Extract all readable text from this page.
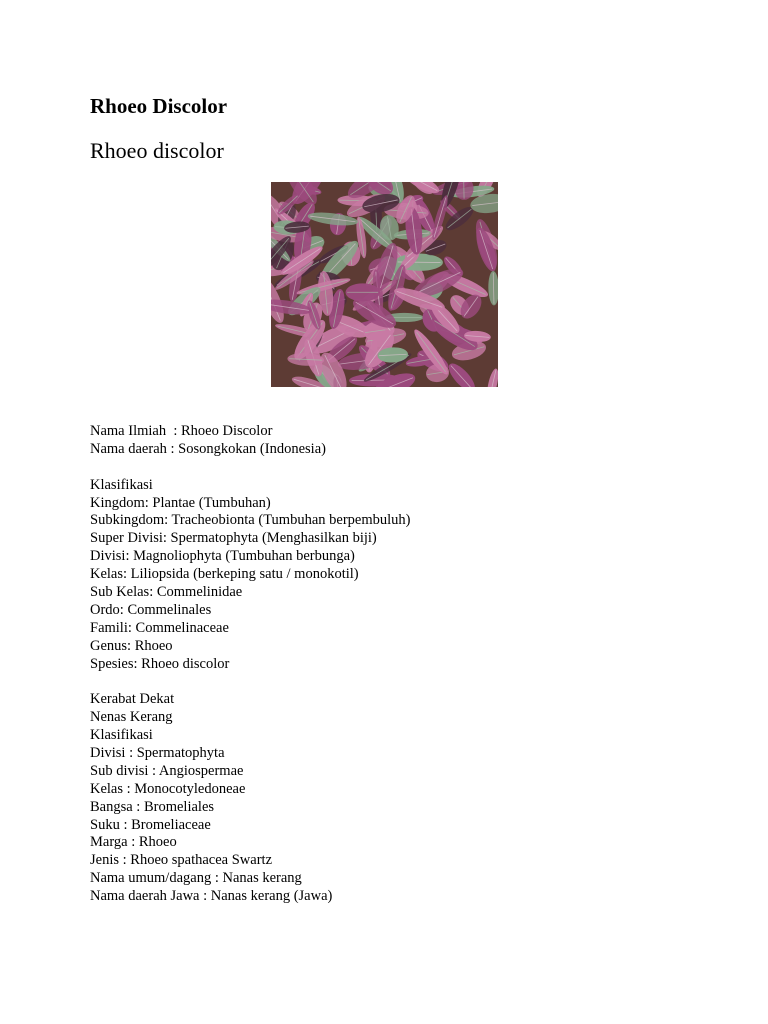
Rhoeo Discolor
Rhoeo discolor
Nama Ilmiah  : Rhoeo Discolor
Nama daerah : Sosongkokan (Indonesia)
Klasifikasi
Kingdom: Plantae (Tumbuhan)
Subkingdom: Tracheobionta (Tumbuhan berpembuluh)
Super Divisi: Spermatophyta (Menghasilkan biji)
Divisi: Magnoliophyta (Tumbuhan berbunga)
Kelas: Liliopsida (berkeping satu / monokotil)
Sub Kelas: Commelinidae
Ordo: Commelinales
Famili: Commelinaceae
Genus: Rhoeo
Spesies: Rhoeo discolor
Kerabat Dekat
Nenas Kerang
Klasifikasi
Divisi : Spermatophyta
Sub divisi : Angiospermae
Kelas : Monocotyledoneae
Bangsa : Bromeliales
Suku : Bromeliaceae
Marga : Rhoeo
Jenis : Rhoeo spathacea Swartz
Nama umum/dagang : Nanas kerang
Nama daerah Jawa : Nanas kerang (Jawa)
